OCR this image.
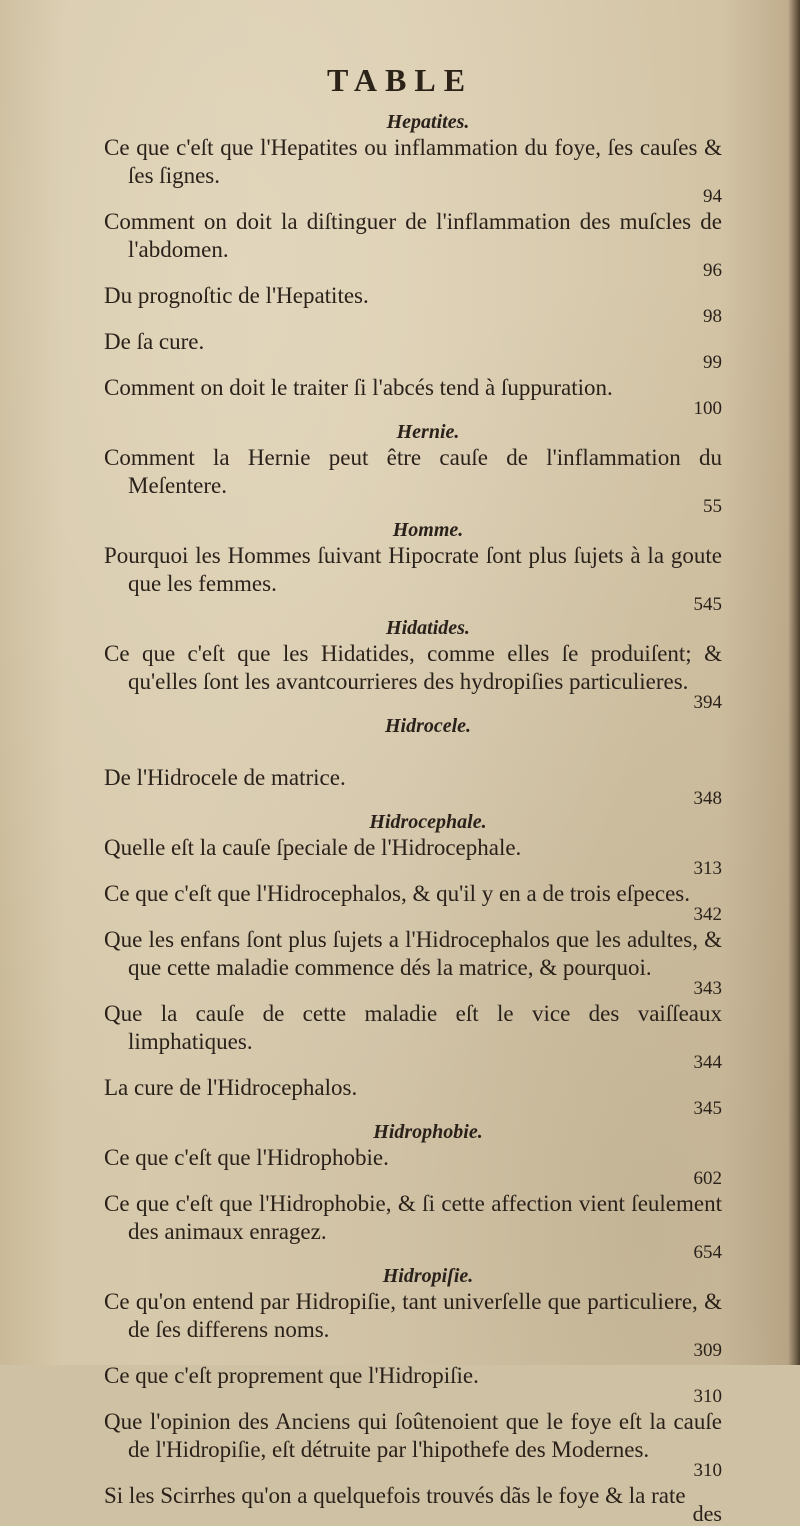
TABLE

Hepatites.

Ce que c'eſt que l'Hepatites ou inflammation du foye, ſes cauſes & ſes ſignes.
94

Comment on doit la diſtinguer de l'inflammation des muſcles de l'abdomen.
96

Du prognoſtic de l'Hepatites.
98

De ſa cure.
99

Comment on doit le traiter ſi l'abcés tend à ſuppuration.
100

Hernie.

Comment la Hernie peut être cauſe de l'inflammation du Meſentere.
55

Homme.

Pourquoi les Hommes ſuivant Hipocrate ſont plus ſujets à la goute que les femmes.
545

Hidatides.

Ce que c'eſt que les Hidatides, comme elles ſe produiſent; & qu'elles ſont les avantcourrieres des hydropiſies particulieres.
394

Hidrocele.

De l'Hidrocele de matrice.
348

Hidrocephale.

Quelle eſt la cauſe ſpeciale de l'Hidrocephale.
313

Ce que c'eſt que l'Hidrocephalos, & qu'il y en a de trois eſpeces.
342

Que les enfans ſont plus ſujets a l'Hidrocephalos que les adultes, & que cette maladie commence dés la matrice, & pourquoi.
343

Que la cauſe de cette maladie eſt le vice des vaiſſeaux limphatiques.
344

La cure de l'Hidrocephalos.
345

Hidrophobie.

Ce que c'eſt que l'Hidrophobie.
602

Ce que c'eſt que l'Hidrophobie, & ſi cette affection vient ſeulement des animaux enragez.
654

Hidropiſie.

Ce qu'on entend par Hidropiſie, tant univerſelle que particuliere, & de ſes differens noms.
309

Ce que c'eſt proprement que l'Hidropiſie.
310

Que l'opinion des Anciens qui ſoûtenoient que le foye eſt la cauſe de l'Hidropiſie, eſt détruite par l'hipothefe des Modernes.
310

Si les Scirrhes qu'on a quelquefois trouvés dãs le foye & la rate

des
